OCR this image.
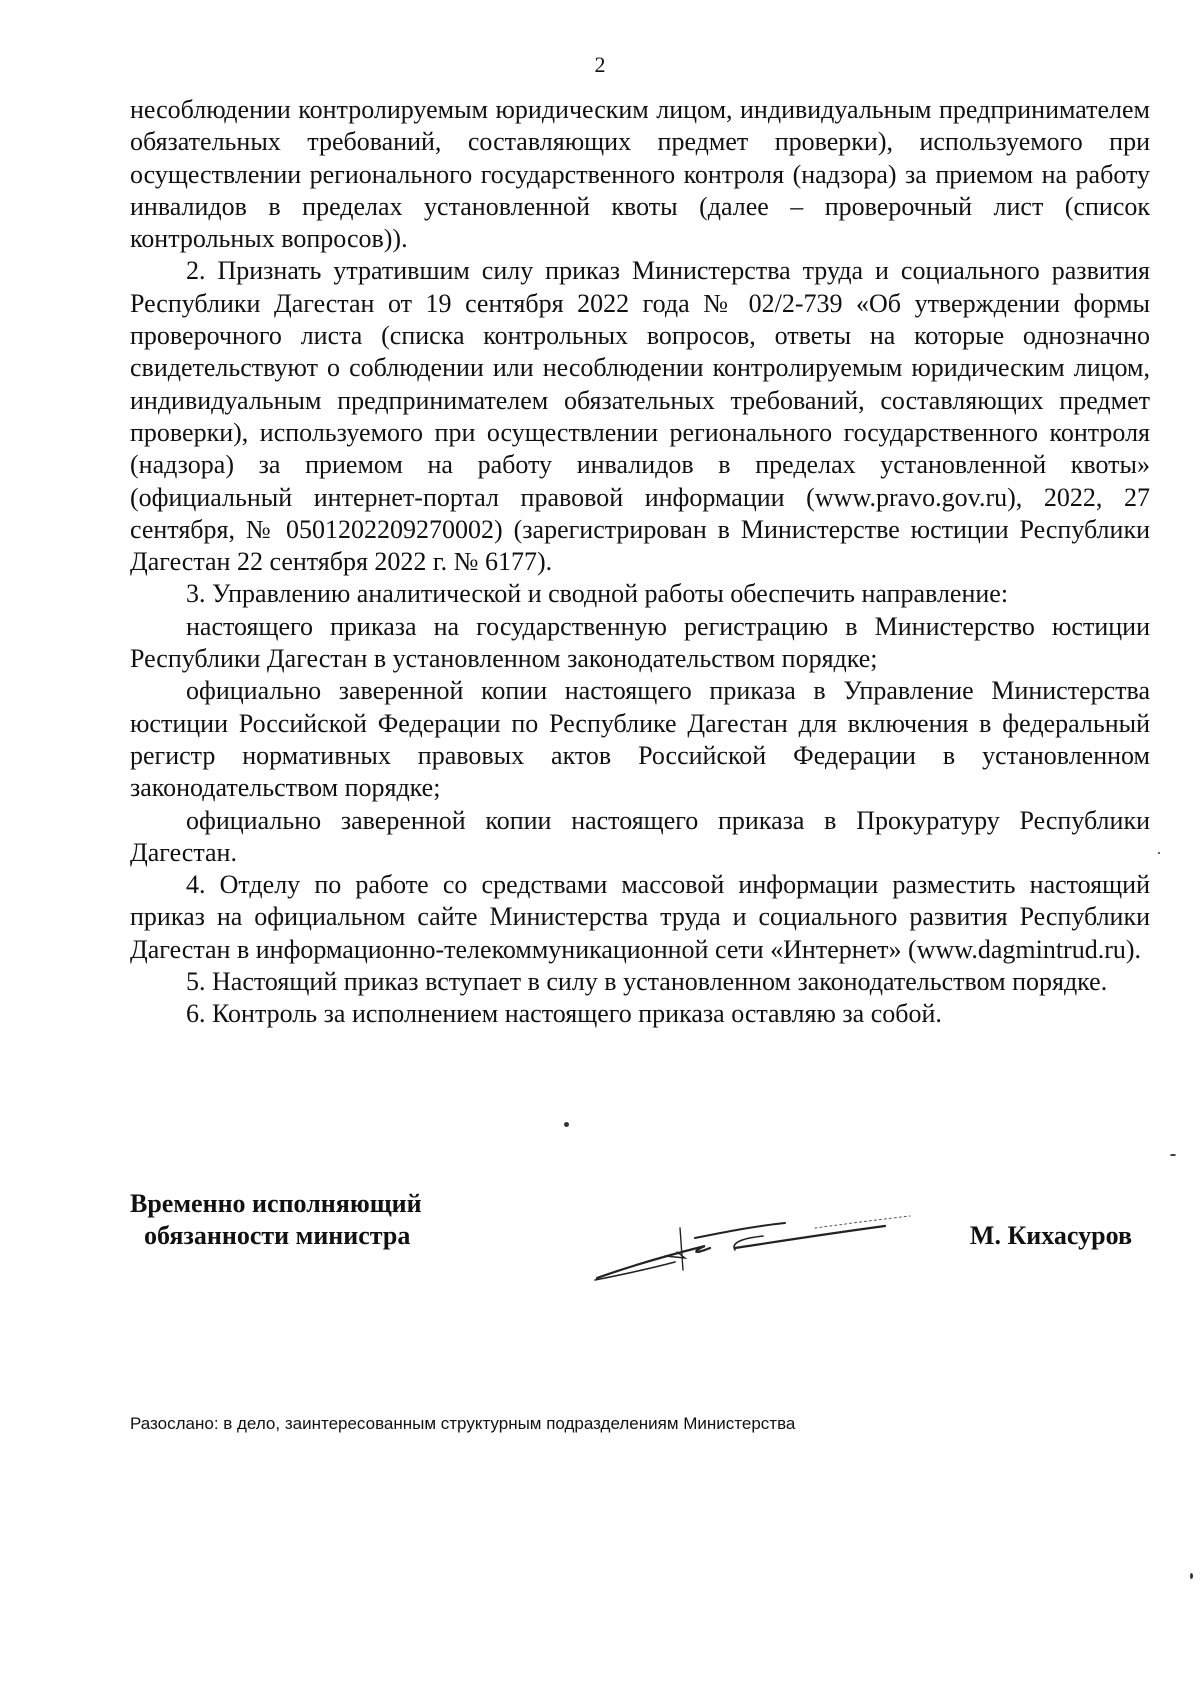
2

несоблюдении контролируемым юридическим лицом, индивидуальным предпринимателем обязательных требований, составляющих предмет проверки), используемого при осуществлении регионального государственного контроля (надзора) за приемом на работу инвалидов в пределах установленной квоты (далее – проверочный лист (список контрольных вопросов)).

2. Признать утратившим силу приказ Министерства труда и социального развития Республики Дагестан от 19 сентября 2022 года № 02/2-739 «Об утверждении формы проверочного листа (списка контрольных вопросов, ответы на которые однозначно свидетельствуют о соблюдении или несоблюдении контролируемым юридическим лицом, индивидуальным предпринимателем обязательных требований, составляющих предмет проверки), используемого при осуществлении регионального государственного контроля (надзора) за приемом на работу инвалидов в пределах установленной квоты» (официальный интернет-портал правовой информации (www.pravo.gov.ru), 2022, 27 сентября, № 0501202209270002) (зарегистрирован в Министерстве юстиции Республики Дагестан 22 сентября 2022 г. № 6177).

3. Управлению аналитической и сводной работы обеспечить направление:

настоящего приказа на государственную регистрацию в Министерство юстиции Республики Дагестан в установленном законодательством порядке;

официально заверенной копии настоящего приказа в Управление Министерства юстиции Российской Федерации по Республике Дагестан для включения в федеральный регистр нормативных правовых актов Российской Федерации в установленном законодательством порядке;

официально заверенной копии настоящего приказа в Прокуратуру Республики Дагестан.

4. Отделу по работе со средствами массовой информации разместить настоящий приказ на официальном сайте Министерства труда и социального развития Республики Дагестан в информационно-телекоммуникационной сети «Интернет» (www.dagmintrud.ru).

5. Настоящий приказ вступает в силу в установленном законодательством порядке.

6. Контроль за исполнением настоящего приказа оставляю за собой.

Временно исполняющий
обязанности министра	М. Кихасуров
Разослано: в дело, заинтересованным структурным подразделениям Министерства
